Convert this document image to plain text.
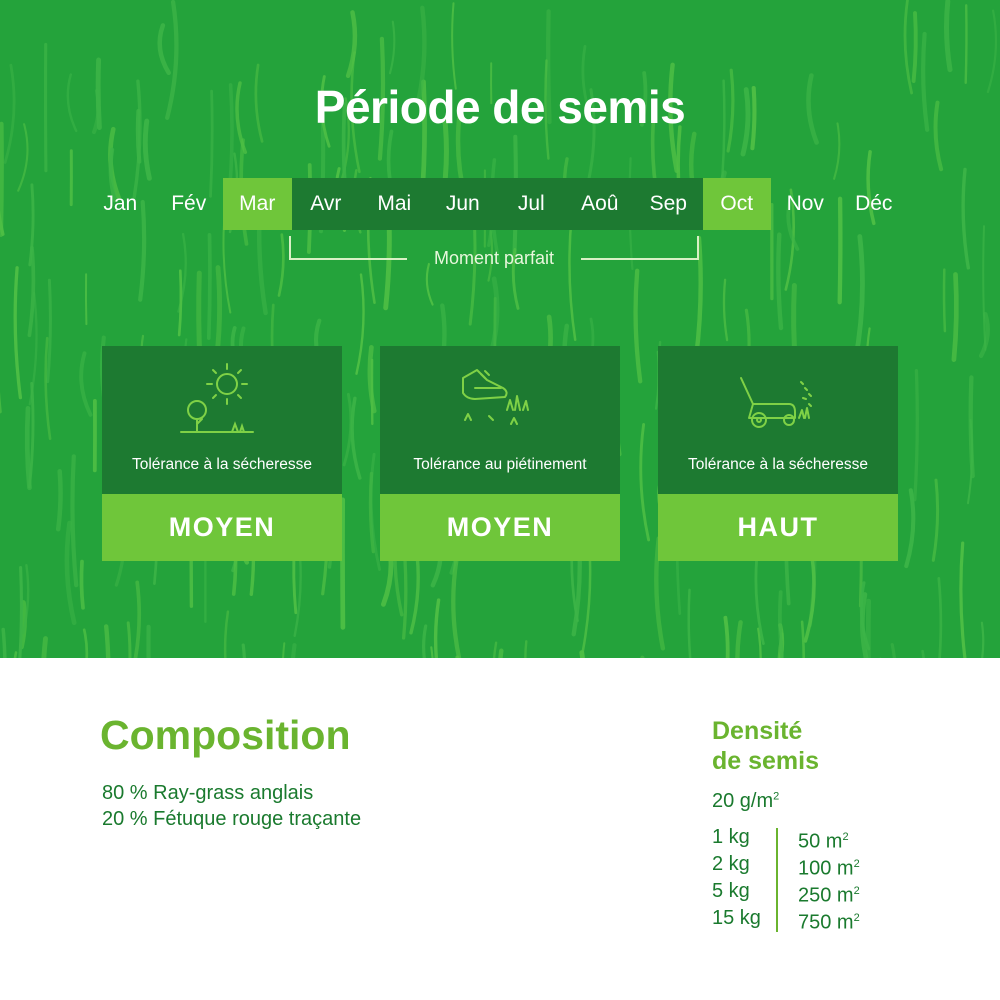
Période de semis
Jan	Fév	Mar	Avr	Mai	Jun	Jul	Aoû	Sep	Oct	Nov	Déc
Moment parfait
Tolérance à la sécheresse
MOYEN
Tolérance au piétinement
MOYEN
Tolérance à la sécheresse
HAUT
Composition
80 % Ray-grass anglais
20 % Fétuque rouge traçante
Densité
de semis
20 $g/m^2$
1 kg	50 $m^2$
2 kg	100 $m^2$
5 kg	250 $m^2$
15 kg	750 $m^2$
